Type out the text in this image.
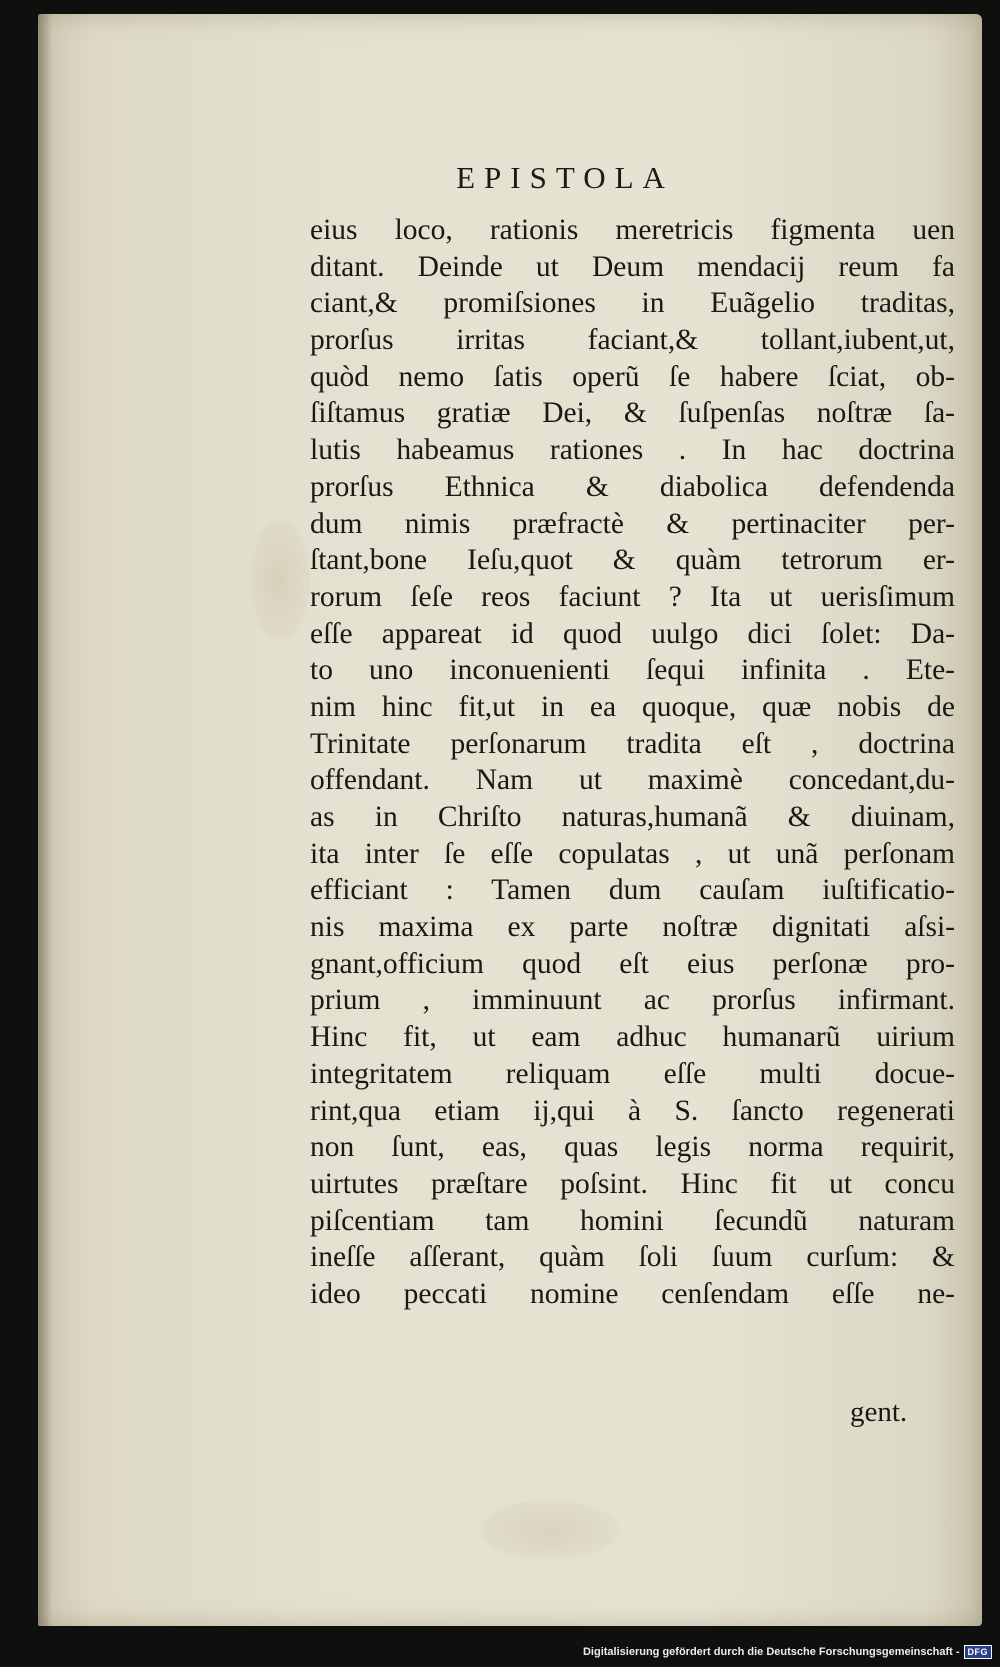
EPISTOLA
eius loco, rationis meretricis figmenta uen
ditant. Deinde ut Deum mendacij reum fa
ciant,& promiſsiones in Euãgelio traditas,
prorſus irritas faciant,& tollant,iubent,ut,
quòd nemo ſatis operũ ſe habere ſciat, ob-
ſiſtamus gratiæ Dei, & ſuſpenſas noſtræ ſa-
lutis habeamus rationes . In hac doctrina
prorſus Ethnica & diabolica defendenda
dum nimis præfractè & pertinaciter per-
ſtant,bone Ieſu,quot & quàm tetrorum er-
rorum ſeſe reos faciunt ? Ita ut uerisſimum
eſſe appareat id quod uulgo dici ſolet: Da-
to uno inconuenienti ſequi infinita . Ete-
nim hinc fit,ut in ea quoque, quæ nobis de
Trinitate perſonarum tradita eſt , doctrina
offendant. Nam ut maximè concedant,du-
as in Chriſto naturas,humanã & diuinam,
ita inter ſe eſſe copulatas , ut unã perſonam
efficiant : Tamen dum cauſam iuſtificatio-
nis maxima ex parte noſtræ dignitati aſsi-
gnant,officium quod eſt eius perſonæ pro-
prium , imminuunt ac prorſus infirmant.
Hinc fit, ut eam adhuc humanarũ uirium
integritatem reliquam eſſe multi docue-
rint,qua etiam ij,qui à S. ſancto regenerati
non ſunt, eas, quas legis norma requirit,
uirtutes præſtare poſsint. Hinc fit ut concu
piſcentiam tam homini ſecundũ naturam
ineſſe aſſerant, quàm ſoli ſuum curſum: &
ideo peccati nomine cenſendam eſſe ne-
gent.
Digitalisierung gefördert durch die Deutsche Forschungsgemeinschaft - DFG
